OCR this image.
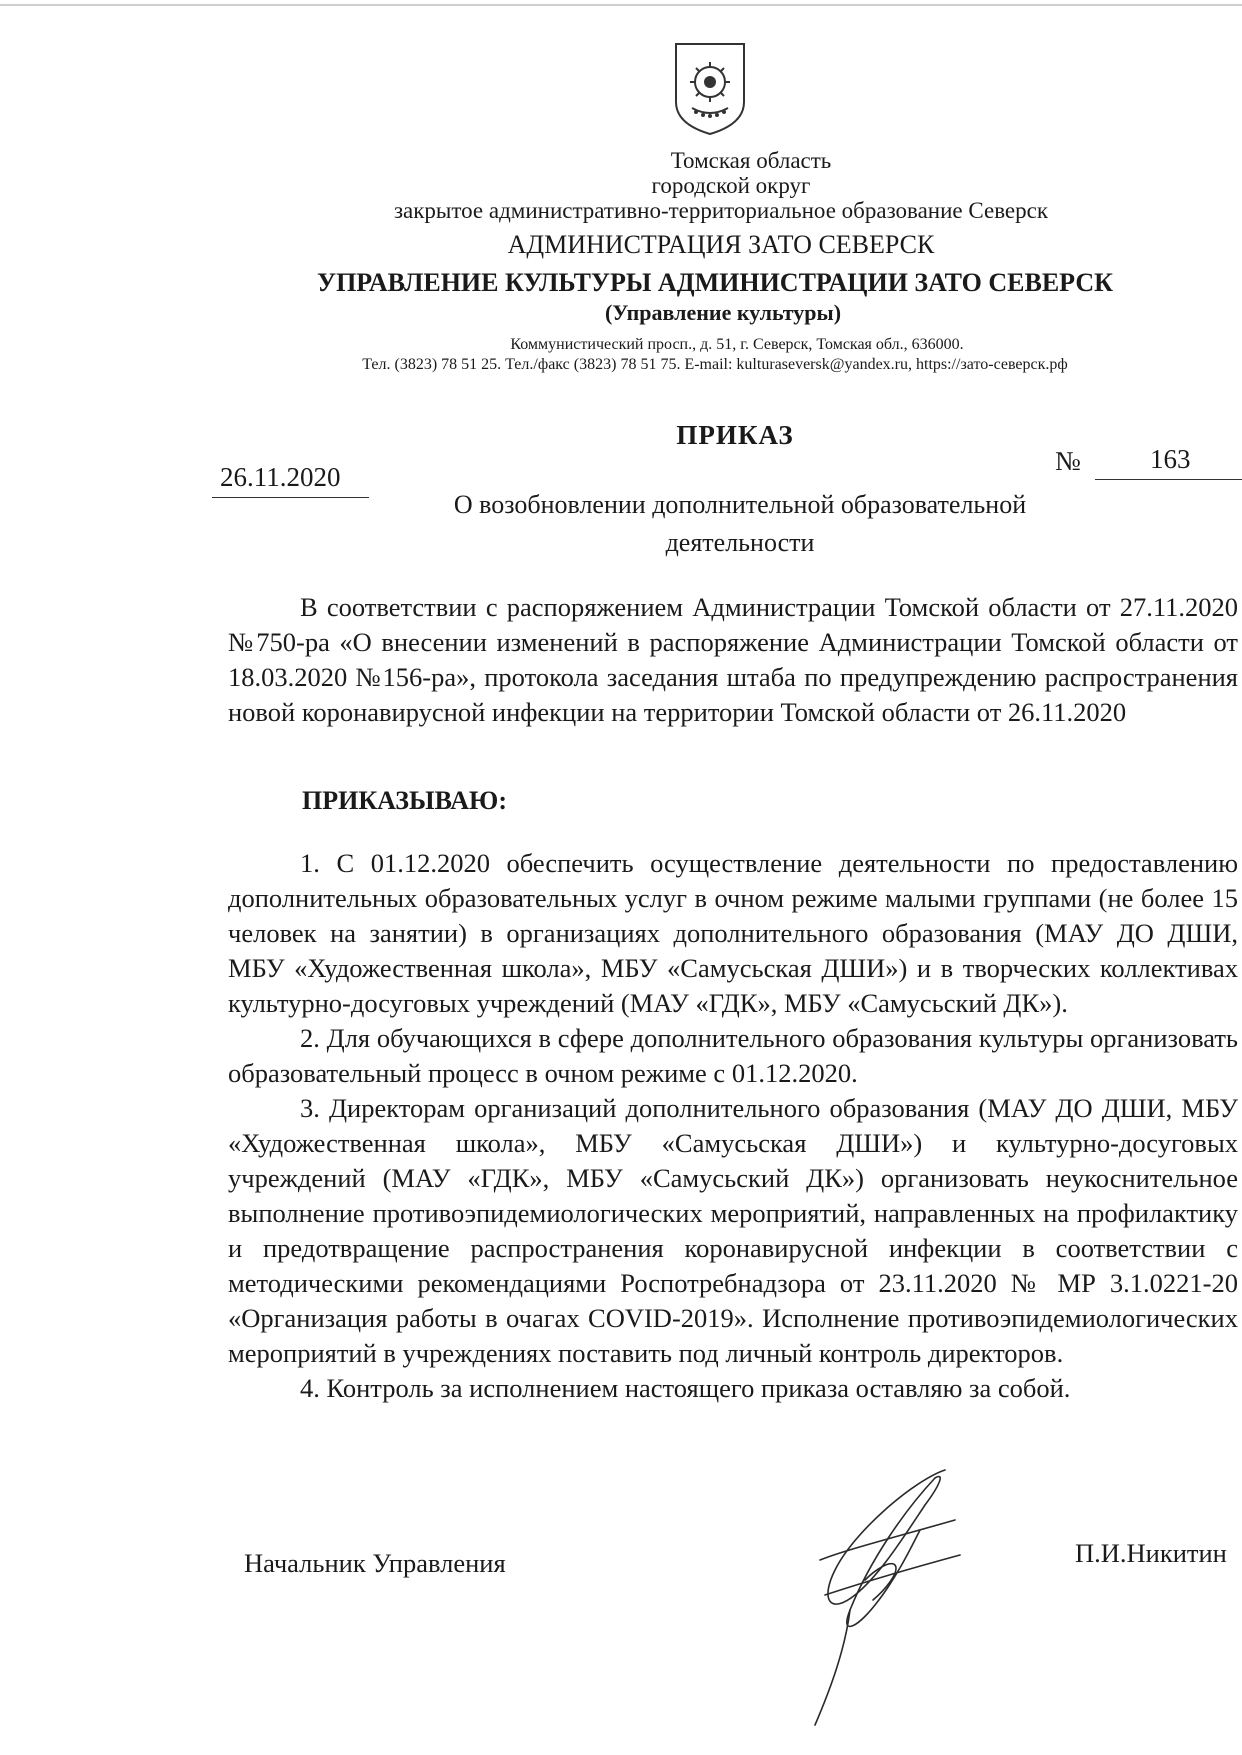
Томская область
городской округ
закрытое административно-территориальное образование Северск
АДМИНИСТРАЦИЯ ЗАТО СЕВЕРСК
УПРАВЛЕНИЕ КУЛЬТУРЫ АДМИНИСТРАЦИИ ЗАТО СЕВЕРСК
(Управление культуры)
Коммунистический просп., д. 51, г. Северск, Томская обл., 636000.
Тел. (3823) 78 51 25. Тел./факс (3823) 78 51 75. E-mail: kulturaseversk@yandex.ru, https://зато-северск.рф
ПРИКАЗ
26.11.2020
№	163
О возобновлении дополнительной образовательной
деятельности

В соответствии с распоряжением Администрации Томской области от 27.11.2020 №750-ра «О внесении изменений в распоряжение Администрации Томской области от 18.03.2020 №156-ра», протокола заседания штаба по предупреждению распространения новой коронавирусной инфекции на территории Томской области от 26.11.2020

ПРИКАЗЫВАЮ:

1. С 01.12.2020 обеспечить осуществление деятельности по предоставлению дополнительных образовательных услуг в очном режиме малыми группами (не более 15 человек на занятии) в организациях дополнительного образования (МАУ ДО ДШИ, МБУ «Художественная школа», МБУ «Самусьская ДШИ») и в творческих коллективах культурно-досуговых учреждений (МАУ «ГДК», МБУ «Самусьский ДК»).

2. Для обучающихся в сфере дополнительного образования культуры организовать образовательный процесс в очном режиме с 01.12.2020.

3. Директорам организаций дополнительного образования (МАУ ДО ДШИ, МБУ «Художественная школа», МБУ «Самусьская ДШИ») и культурно-досуговых учреждений (МАУ «ГДК», МБУ «Самусьский ДК») организовать неукоснительное выполнение противоэпидемиологических мероприятий, направленных на профилактику и предотвращение распространения коронавирусной инфекции в соответствии с методическими рекомендациями Роспотребнадзора от 23.11.2020 № МР 3.1.0221-20 «Организация работы в очагах COVID-2019». Исполнение противоэпидемиологических мероприятий в учреждениях поставить под личный контроль директоров.

4. Контроль за исполнением настоящего приказа оставляю за собой.

Начальник Управления	П.И.Никитин
